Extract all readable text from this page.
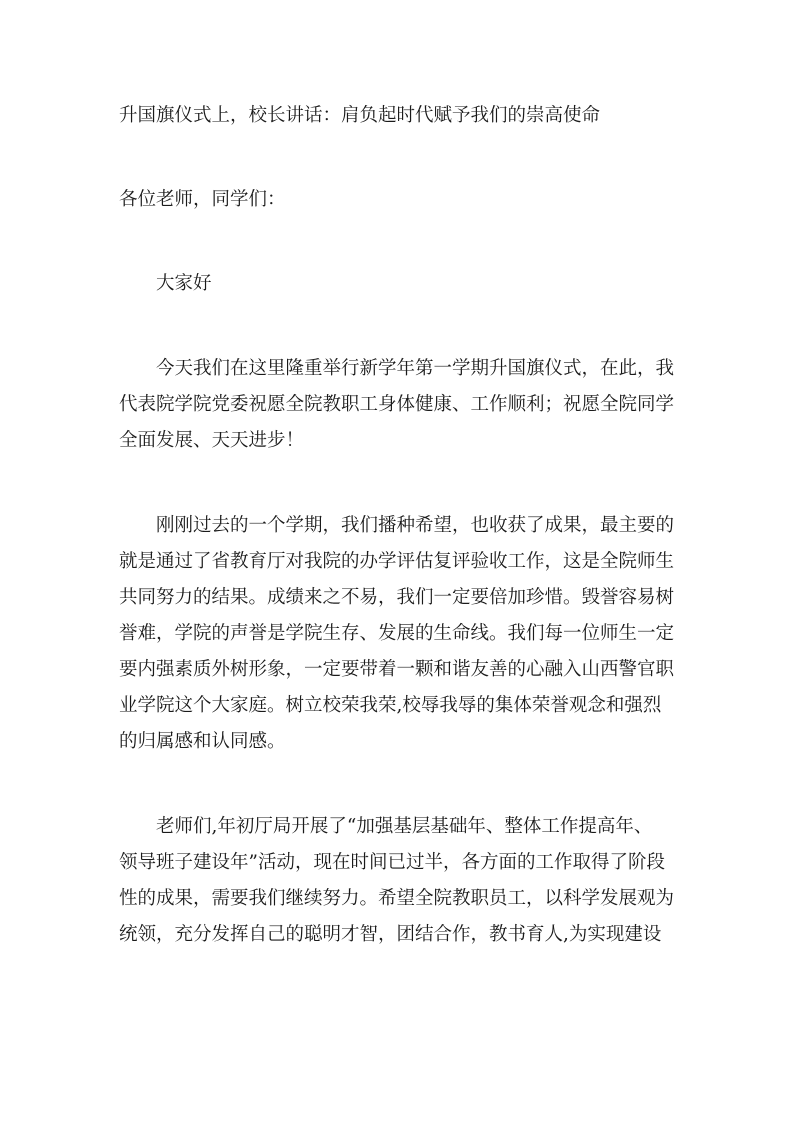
升国旗仪式上，校长讲话：肩负起时代赋予我们的崇高使命

各位老师，同学们：

大家好

今天我们在这里隆重举行新学年第一学期升国旗仪式，在此，我

代表院学院党委祝愿全院教职工身体健康、工作顺利；祝愿全院同学

全面发展、天天进步！

刚刚过去的一个学期，我们播种希望，也收获了成果，最主要的

就是通过了省教育厅对我院的办学评估复评验收工作，这是全院师生

共同努力的结果。成绩来之不易，我们一定要倍加珍惜。毁誉容易树

誉难，学院的声誉是学院生存、发展的生命线。我们每一位师生一定

要内强素质外树形象，一定要带着一颗和谐友善的心融入山西警官职

业学院这个大家庭。树立校荣我荣,校辱我辱的集体荣誉观念和强烈

的归属感和认同感。

老师们,年初厅局开展了“加强基层基础年、整体工作提高年、

领导班子建设年”活动，现在时间已过半，各方面的工作取得了阶段

性的成果，需要我们继续努力。希望全院教职员工，以科学发展观为

统领，充分发挥自己的聪明才智，团结合作，教书育人,为实现建设
